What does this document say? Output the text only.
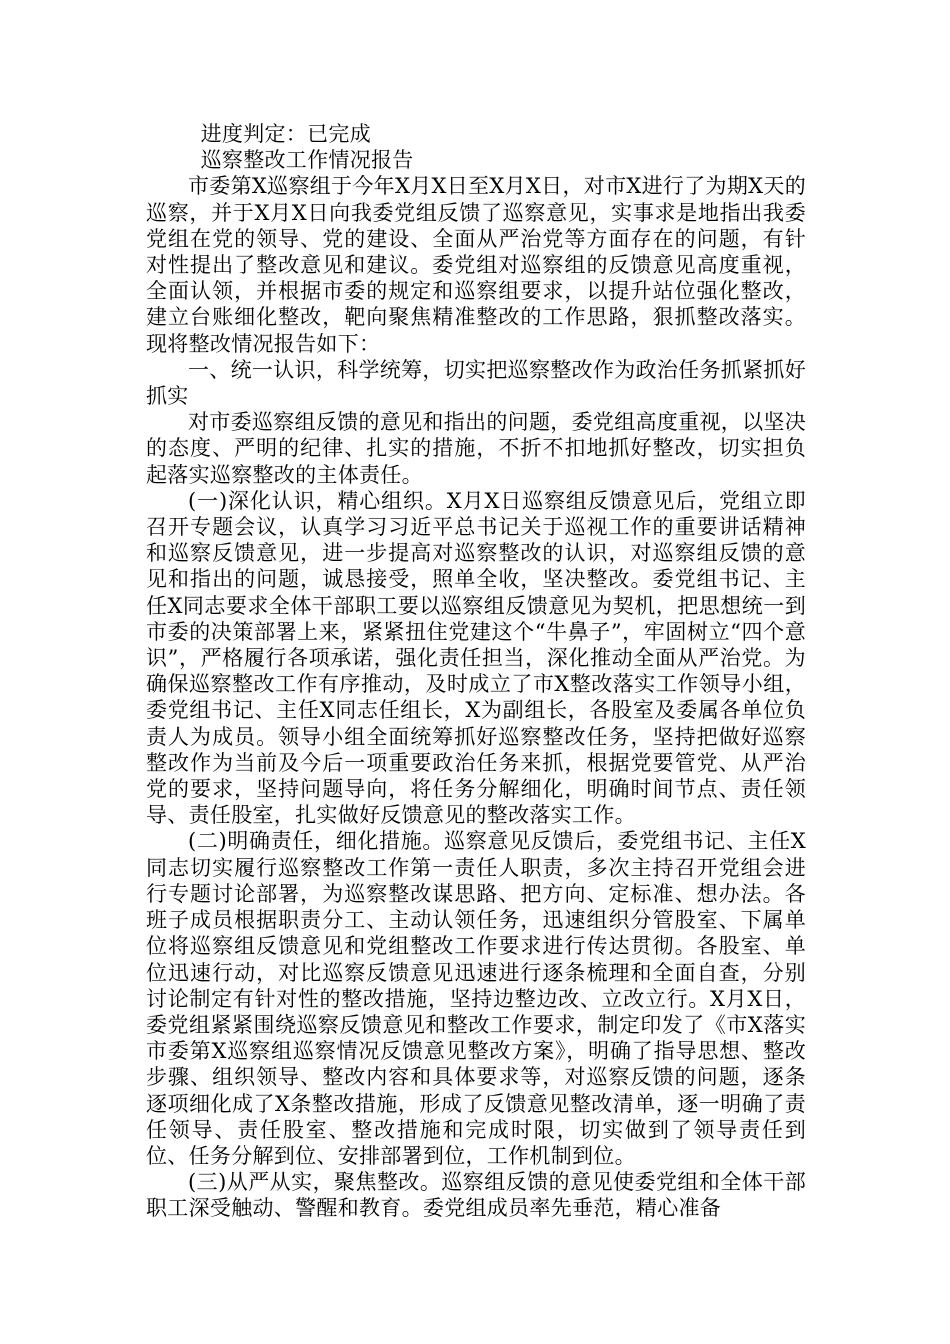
进度判定：已完成

巡察整改工作情况报告

市委第X巡察组于今年X月X日至X月X日，对市X进行了为期X天的巡察，并于X月X日向我委党组反馈了巡察意见，实事求是地指出我委党组在党的领导、党的建设、全面从严治党等方面存在的问题，有针对性提出了整改意见和建议。委党组对巡察组的反馈意见高度重视，全面认领，并根据市委的规定和巡察组要求，以提升站位强化整改，建立台账细化整改，靶向聚焦精准整改的工作思路，狠抓整改落实。现将整改情况报告如下：

一、统一认识，科学统筹，切实把巡察整改作为政治任务抓紧抓好抓实

对市委巡察组反馈的意见和指出的问题，委党组高度重视，以坚决的态度、严明的纪律、扎实的措施，不折不扣地抓好整改，切实担负起落实巡察整改的主体责任。

(一)深化认识，精心组织。X月X日巡察组反馈意见后，党组立即召开专题会议，认真学习习近平总书记关于巡视工作的重要讲话精神和巡察反馈意见，进一步提高对巡察整改的认识，对巡察组反馈的意见和指出的问题，诚恳接受，照单全收，坚决整改。委党组书记、主任X同志要求全体干部职工要以巡察组反馈意见为契机，把思想统一到市委的决策部署上来，紧紧扭住党建这个“牛鼻子”，牢固树立“四个意识”，严格履行各项承诺，强化责任担当，深化推动全面从严治党。为确保巡察整改工作有序推动，及时成立了市X整改落实工作领导小组，委党组书记、主任X同志任组长，X为副组长，各股室及委属各单位负责人为成员。领导小组全面统筹抓好巡察整改任务，坚持把做好巡察整改作为当前及今后一项重要政治任务来抓，根据党要管党、从严治党的要求，坚持问题导向，将任务分解细化，明确时间节点、责任领导、责任股室，扎实做好反馈意见的整改落实工作。

(二)明确责任，细化措施。巡察意见反馈后，委党组书记、主任X同志切实履行巡察整改工作第一责任人职责，多次主持召开党组会进行专题讨论部署，为巡察整改谋思路、把方向、定标准、想办法。各班子成员根据职责分工、主动认领任务，迅速组织分管股室、下属单位将巡察组反馈意见和党组整改工作要求进行传达贯彻。各股室、单位迅速行动，对比巡察反馈意见迅速进行逐条梳理和全面自查，分别讨论制定有针对性的整改措施，坚持边整边改、立改立行。X月X日，委党组紧紧围绕巡察反馈意见和整改工作要求，制定印发了《市X落实市委第X巡察组巡察情况反馈意见整改方案》，明确了指导思想、整改步骤、组织领导、整改内容和具体要求等，对巡察反馈的问题，逐条逐项细化成了X条整改措施，形成了反馈意见整改清单，逐一明确了责任领导、责任股室、整改措施和完成时限，切实做到了领导责任到位、任务分解到位、安排部署到位，工作机制到位。

(三)从严从实，聚焦整改。巡察组反馈的意见使委党组和全体干部职工深受触动、警醒和教育。委党组成员率先垂范，精心准备
